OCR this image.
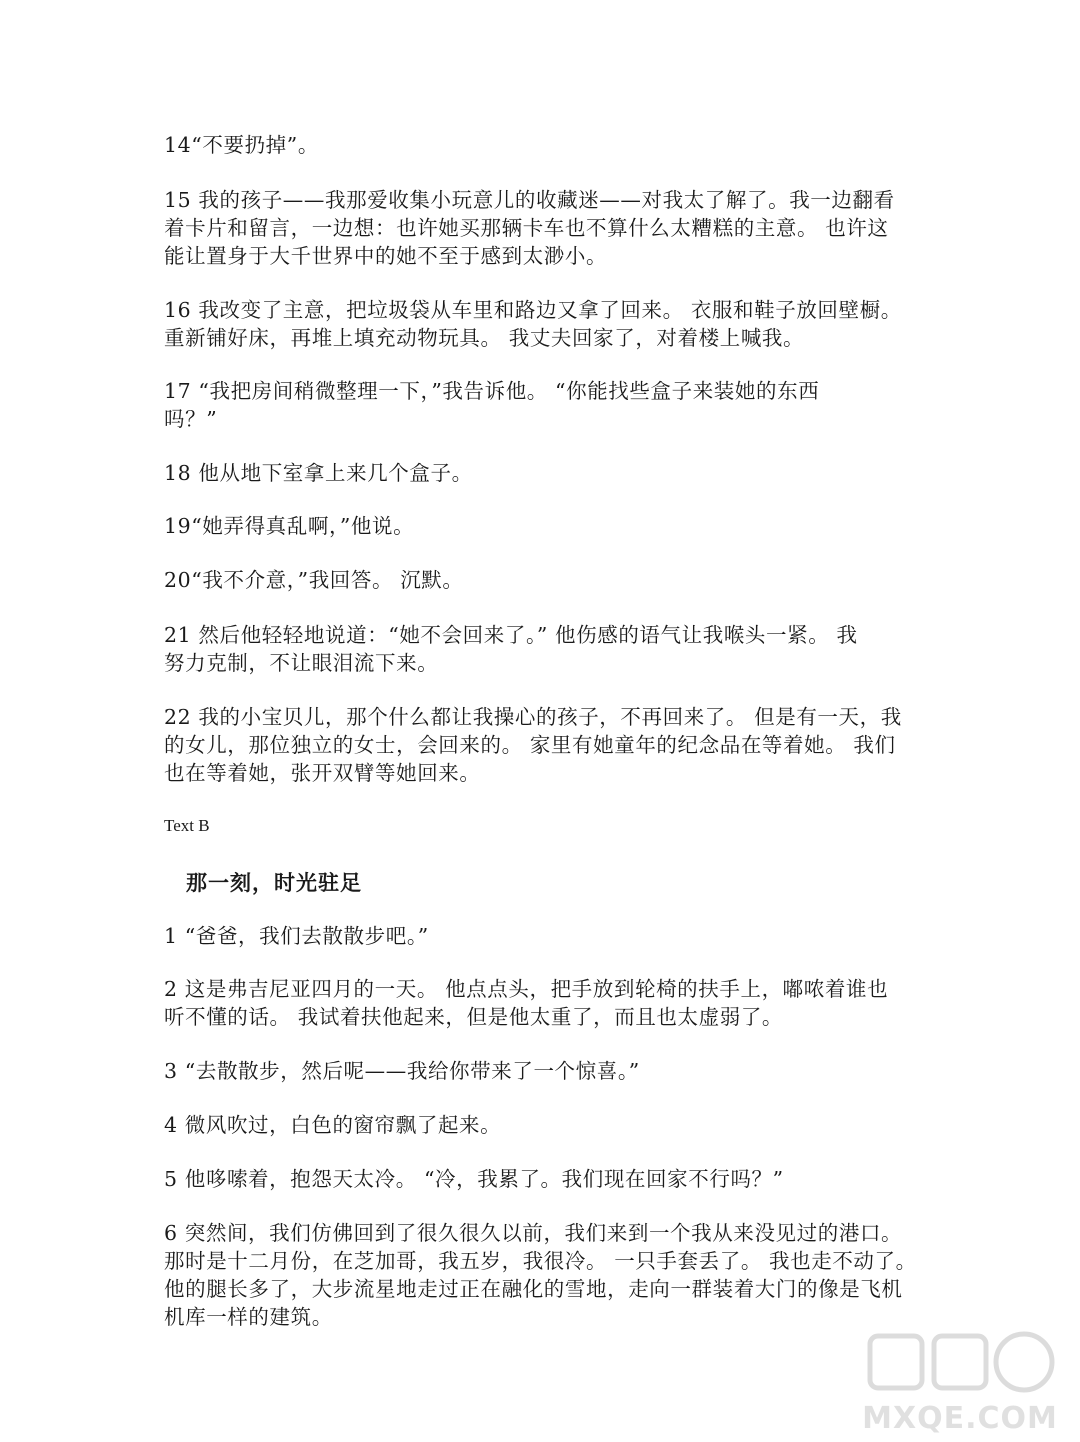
14“不要扔掉”。

15 我的孩子——我那爱收集小玩意儿的收藏迷——对我太了解了。我一边翻看
着卡片和留言，一边想：也许她买那辆卡车也不算什么太糟糕的主意。 也许这
能让置身于大千世界中的她不至于感到太渺小。

16 我改变了主意，把垃圾袋从车里和路边又拿了回来。 衣服和鞋子放回壁橱。
重新铺好床，再堆上填充动物玩具。 我丈夫回家了，对着楼上喊我。

17 “我把房间稍微整理一下，”我告诉他。 “你能找些盒子来装她的东西
吗？”

18 他从地下室拿上来几个盒子。

19“她弄得真乱啊，”他说。

20“我不介意，”我回答。 沉默。

21 然后他轻轻地说道：“她不会回来了。” 他伤感的语气让我喉头一紧。 我
努力克制，不让眼泪流下来。

22 我的小宝贝儿，那个什么都让我操心的孩子，不再回来了。 但是有一天，我
的女儿，那位独立的女士，会回来的。 家里有她童年的纪念品在等着她。 我们
也在等着她，张开双臂等她回来。

Text B

那一刻，时光驻足

1 “爸爸，我们去散散步吧。”

2 这是弗吉尼亚四月的一天。 他点点头，把手放到轮椅的扶手上，嘟哝着谁也
听不懂的话。 我试着扶他起来，但是他太重了，而且也太虚弱了。

3 “去散散步，然后呢——我给你带来了一个惊喜。”

4 微风吹过，白色的窗帘飘了起来。

5 他哆嗦着，抱怨天太冷。 “冷，我累了。我们现在回家不行吗？”

6 突然间，我们仿佛回到了很久很久以前，我们来到一个我从来没见过的港口。
那时是十二月份，在芝加哥，我五岁，我很冷。 一只手套丢了。 我也走不动了。
他的腿长多了，大步流星地走过正在融化的雪地，走向一群装着大门的像是飞机
机库一样的建筑。

MXQE.COM
